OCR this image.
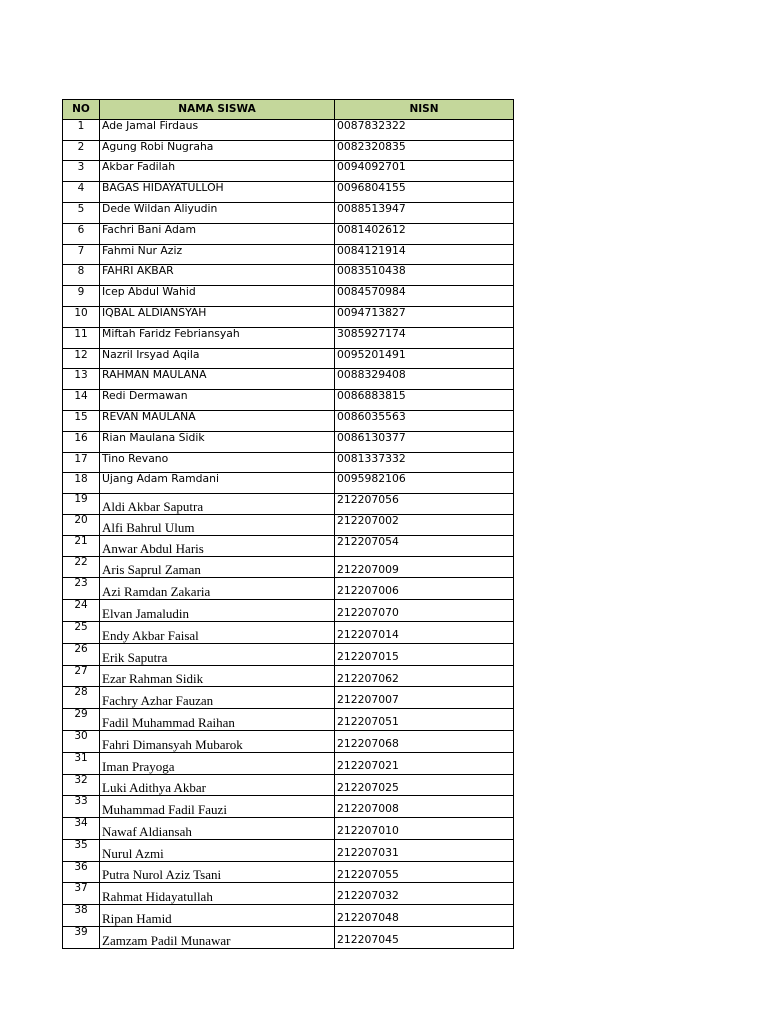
NO	NAMA SISWA	NISN
1	Ade Jamal Firdaus	0087832322
2	Agung Robi Nugraha	0082320835
3	Akbar Fadilah	0094092701
4	BAGAS HIDAYATULLOH	0096804155
5	Dede Wildan Aliyudin	0088513947
6	Fachri Bani Adam	0081402612
7	Fahmi Nur Aziz	0084121914
8	FAHRI AKBAR	0083510438
9	Icep Abdul Wahid	0084570984
10	IQBAL ALDIANSYAH	0094713827
11	Miftah Faridz Febriansyah	3085927174
12	Nazril Irsyad Aqila	0095201491
13	RAHMAN MAULANA	0088329408
14	Redi Dermawan	0086883815
15	REVAN MAULANA	0086035563
16	Rian Maulana Sidik	0086130377
17	Tino Revano	0081337332
18	Ujang Adam Ramdani	0095982106
19	Aldi Akbar Saputra	212207056
20	Alfi Bahrul Ulum	212207002
21	Anwar Abdul Haris	212207054
22	Aris Saprul Zaman	212207009
23	Azi Ramdan Zakaria	212207006
24	Elvan Jamaludin	212207070
25	Endy Akbar Faisal	212207014
26	Erik Saputra	212207015
27	Ezar Rahman Sidik	212207062
28	Fachry Azhar Fauzan	212207007
29	Fadil Muhammad Raihan	212207051
30	Fahri Dimansyah Mubarok	212207068
31	Iman Prayoga	212207021
32	Luki Adithya Akbar	212207025
33	Muhammad Fadil Fauzi	212207008
34	Nawaf Aldiansah	212207010
35	Nurul Azmi	212207031
36	Putra Nurol Aziz Tsani	212207055
37	Rahmat Hidayatullah	212207032
38	Ripan Hamid	212207048
39	Zamzam Padil Munawar	212207045
